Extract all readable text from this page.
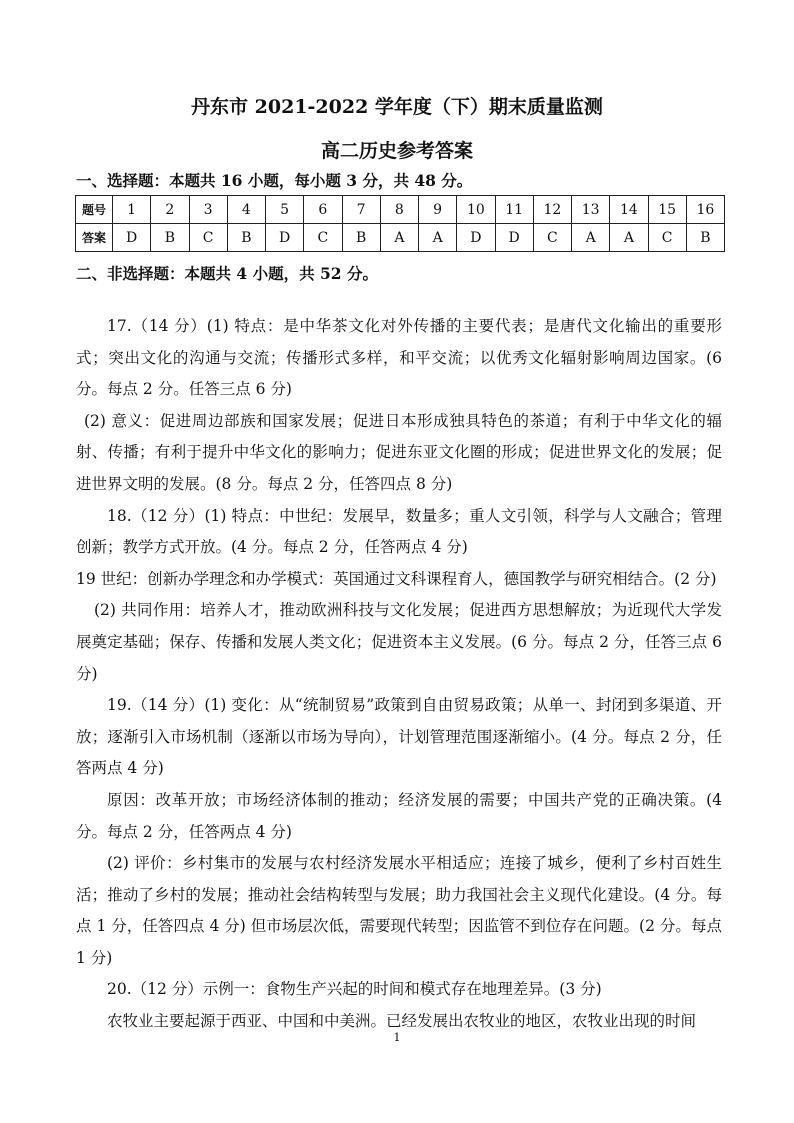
丹东市 2021-2022 学年度（下）期末质量监测
高二历史参考答案
一、选择题：本题共 16 小题，每小题 3 分，共 48 分。
题号	1	2	3	4	5	6	7	8	9	10	11	12	13	14	15	16
答案	D	B	C	B	D	C	B	A	A	D	D	C	A	A	C	B
二、非选择题：本题共 4 小题，共 52 分。

17.（14 分）(1) 特点：是中华茶文化对外传播的主要代表；是唐代文化输出的重要形式；突出文化的沟通与交流；传播形式多样，和平交流；以优秀文化辐射影响周边国家。(6 分。每点 2 分。任答三点 6 分)

(2) 意义：促进周边部族和国家发展；促进日本形成独具特色的茶道；有利于中华文化的辐射、传播；有利于提升中华文化的影响力；促进东亚文化圈的形成；促进世界文化的发展；促进世界文明的发展。(8 分。每点 2 分，任答四点 8 分)

18.（12 分）(1) 特点：中世纪：发展早，数量多；重人文引领，科学与人文融合；管理创新；教学方式开放。(4 分。每点 2 分，任答两点 4 分)

19 世纪：创新办学理念和办学模式：英国通过文科课程育人，德国教学与研究相结合。(2 分)

(2) 共同作用：培养人才，推动欧洲科技与文化发展；促进西方思想解放；为近现代大学发展奠定基础；保存、传播和发展人类文化；促进资本主义发展。(6 分。每点 2 分，任答三点 6 分)

19.（14 分）(1) 变化：从“统制贸易”政策到自由贸易政策；从单一、封闭到多渠道、开放；逐渐引入市场机制（逐渐以市场为导向），计划管理范围逐渐缩小。(4 分。每点 2 分，任答两点 4 分)

原因：改革开放；市场经济体制的推动；经济发展的需要；中国共产党的正确决策。(4 分。每点 2 分，任答两点 4 分)

(2) 评价：乡村集市的发展与农村经济发展水平相适应；连接了城乡，便利了乡村百姓生活；推动了乡村的发展；推动社会结构转型与发展；助力我国社会主义现代化建设。(4 分。每点 1 分，任答四点 4 分) 但市场层次低，需要现代转型；因监管不到位存在问题。(2 分。每点 1 分)

20.（12 分）示例一：食物生产兴起的时间和模式存在地理差异。(3 分)

农牧业主要起源于西亚、中国和中美洲。已经发展出农牧业的地区，农牧业出现的时间

1
